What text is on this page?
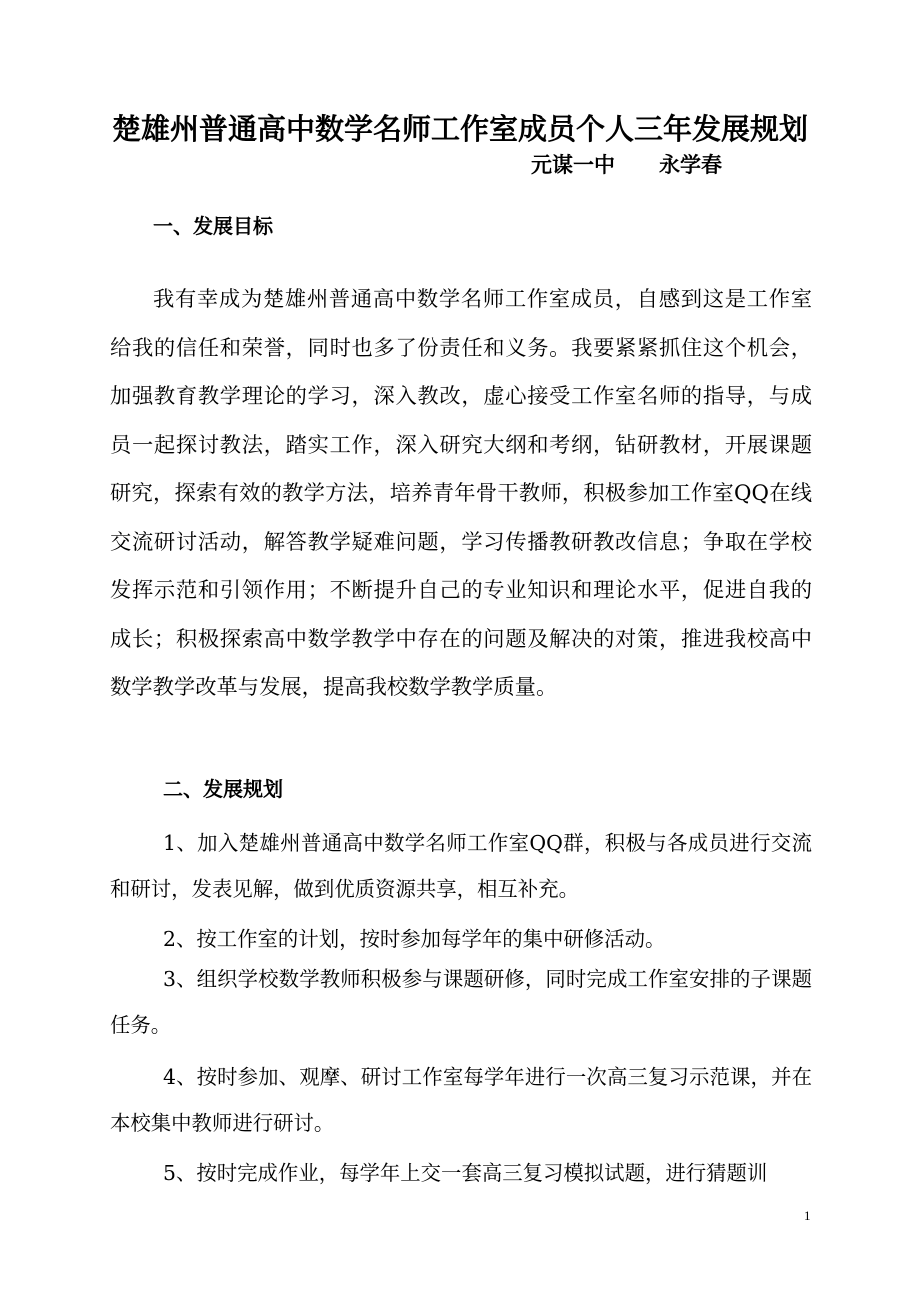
楚雄州普通高中数学名师工作室成员个人三年发展规划
元谋一中 永学春
一、发展目标

我有幸成为楚雄州普通高中数学名师工作室成员，自感到这是工作室给我的信任和荣誉，同时也多了份责任和义务。我要紧紧抓住这个机会，加强教育教学理论的学习，深入教改，虚心接受工作室名师的指导，与成员一起探讨教法，踏实工作，深入研究大纲和考纲，钻研教材，开展课题研究，探索有效的教学方法，培养青年骨干教师，积极参加工作室QQ在线交流研讨活动，解答教学疑难问题，学习传播教研教改信息；争取在学校发挥示范和引领作用；不断提升自己的专业知识和理论水平，促进自我的成长；积极探索高中数学教学中存在的问题及解决的对策，推进我校高中数学教学改革与发展，提高我校数学教学质量。

二、发展规划

1、加入楚雄州普通高中数学名师工作室QQ群，积极与各成员进行交流和研讨，发表见解，做到优质资源共享，相互补充。

2、按工作室的计划，按时参加每学年的集中研修活动。

3、组织学校数学教师积极参与课题研修，同时完成工作室安排的子课题任务。

4、按时参加、观摩、研讨工作室每学年进行一次高三复习示范课，并在本校集中教师进行研讨。

5、按时完成作业，每学年上交一套高三复习模拟试题，进行猜题训

1
